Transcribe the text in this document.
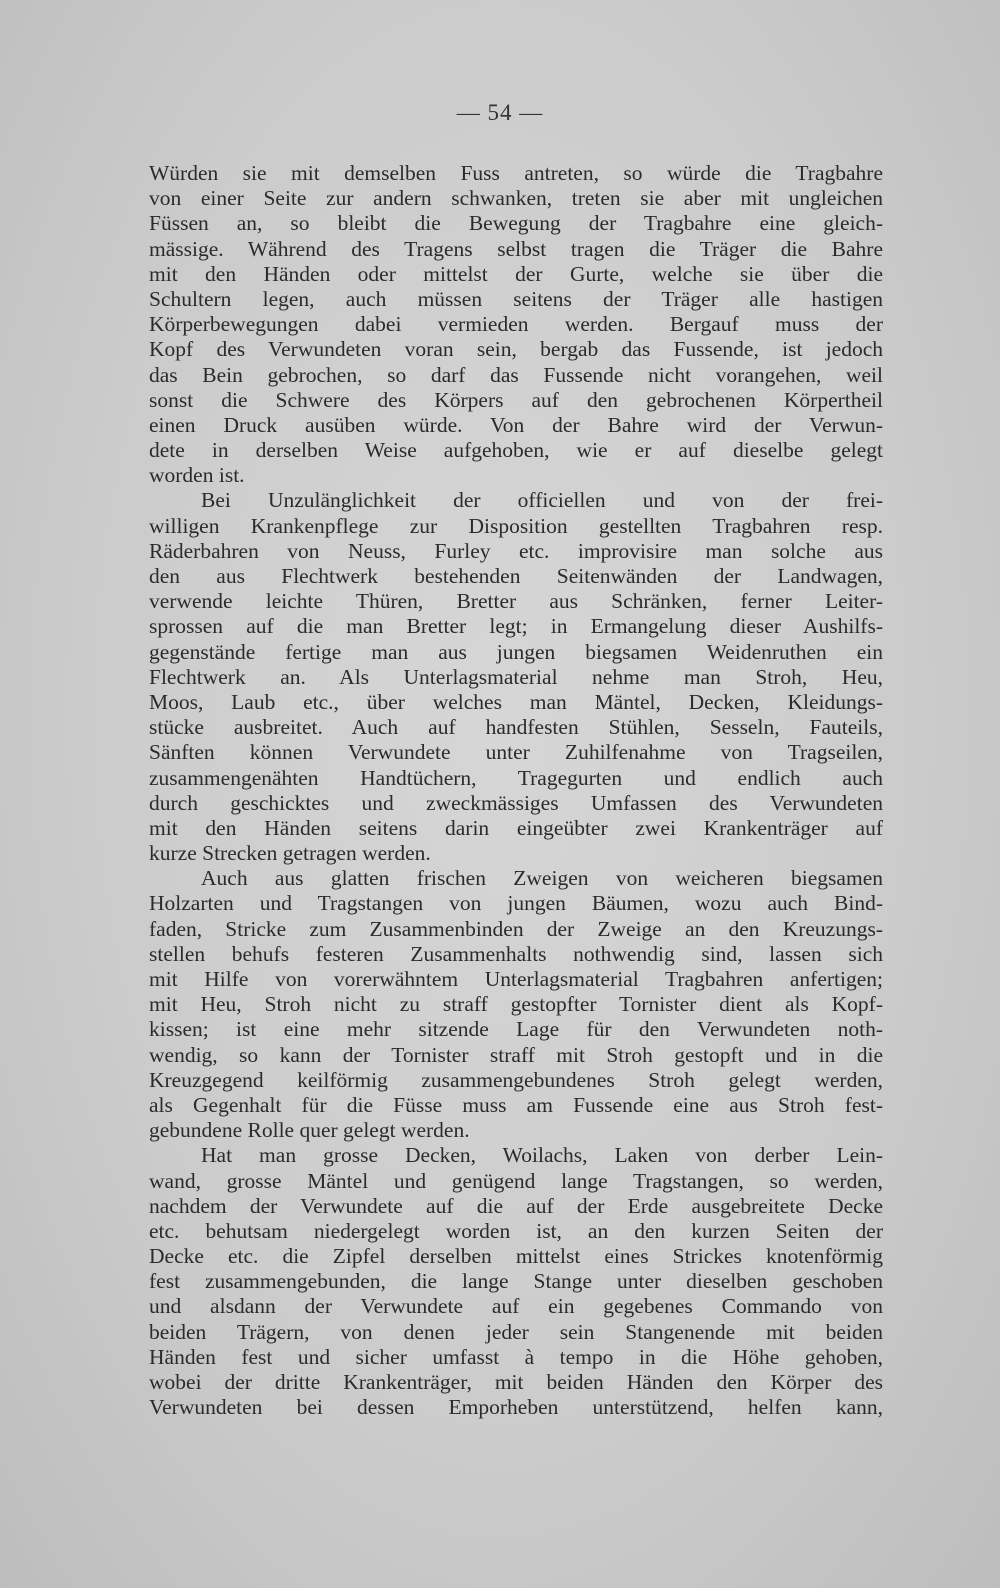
— 54 —
Würden sie mit demselben Fuss antreten, so würde die Tragbahre
von einer Seite zur andern schwanken, treten sie aber mit ungleichen
Füssen an, so bleibt die Bewegung der Tragbahre eine gleich-
mässige. Während des Tragens selbst tragen die Träger die Bahre
mit den Händen oder mittelst der Gurte, welche sie über die
Schultern legen, auch müssen seitens der Träger alle hastigen
Körperbewegungen dabei vermieden werden. Bergauf muss der
Kopf des Verwundeten voran sein, bergab das Fussende, ist jedoch
das Bein gebrochen, so darf das Fussende nicht vorangehen, weil
sonst die Schwere des Körpers auf den gebrochenen Körpertheil
einen Druck ausüben würde. Von der Bahre wird der Verwun-
dete in derselben Weise aufgehoben, wie er auf dieselbe gelegt
worden ist.
Bei Unzulänglichkeit der officiellen und von der frei-
willigen Krankenpflege zur Disposition gestellten Tragbahren resp.
Räderbahren von Neuss, Furley etc. improvisire man solche aus
den aus Flechtwerk bestehenden Seitenwänden der Landwagen,
verwende leichte Thüren, Bretter aus Schränken, ferner Leiter-
sprossen auf die man Bretter legt; in Ermangelung dieser Aushilfs-
gegenstände fertige man aus jungen biegsamen Weidenruthen ein
Flechtwerk an. Als Unterlagsmaterial nehme man Stroh, Heu,
Moos, Laub etc., über welches man Mäntel, Decken, Kleidungs-
stücke ausbreitet. Auch auf handfesten Stühlen, Sesseln, Fauteils,
Sänften können Verwundete unter Zuhilfenahme von Tragseilen,
zusammengenähten Handtüchern, Tragegurten und endlich auch
durch geschicktes und zweckmässiges Umfassen des Verwundeten
mit den Händen seitens darin eingeübter zwei Krankenträger auf
kurze Strecken getragen werden.
Auch aus glatten frischen Zweigen von weicheren biegsamen
Holzarten und Tragstangen von jungen Bäumen, wozu auch Bind-
faden, Stricke zum Zusammenbinden der Zweige an den Kreuzungs-
stellen behufs festeren Zusammenhalts nothwendig sind, lassen sich
mit Hilfe von vorerwähntem Unterlagsmaterial Tragbahren anfertigen;
mit Heu, Stroh nicht zu straff gestopfter Tornister dient als Kopf-
kissen; ist eine mehr sitzende Lage für den Verwundeten noth-
wendig, so kann der Tornister straff mit Stroh gestopft und in die
Kreuzgegend keilförmig zusammengebundenes Stroh gelegt werden,
als Gegenhalt für die Füsse muss am Fussende eine aus Stroh fest-
gebundene Rolle quer gelegt werden.
Hat man grosse Decken, Woilachs, Laken von derber Lein-
wand, grosse Mäntel und genügend lange Tragstangen, so werden,
nachdem der Verwundete auf die auf der Erde ausgebreitete Decke
etc. behutsam niedergelegt worden ist, an den kurzen Seiten der
Decke etc. die Zipfel derselben mittelst eines Strickes knotenförmig
fest zusammengebunden, die lange Stange unter dieselben geschoben
und alsdann der Verwundete auf ein gegebenes Commando von
beiden Trägern, von denen jeder sein Stangenende mit beiden
Händen fest und sicher umfasst à tempo in die Höhe gehoben,
wobei der dritte Krankenträger, mit beiden Händen den Körper des
Verwundeten bei dessen Emporheben unterstützend, helfen kann,
